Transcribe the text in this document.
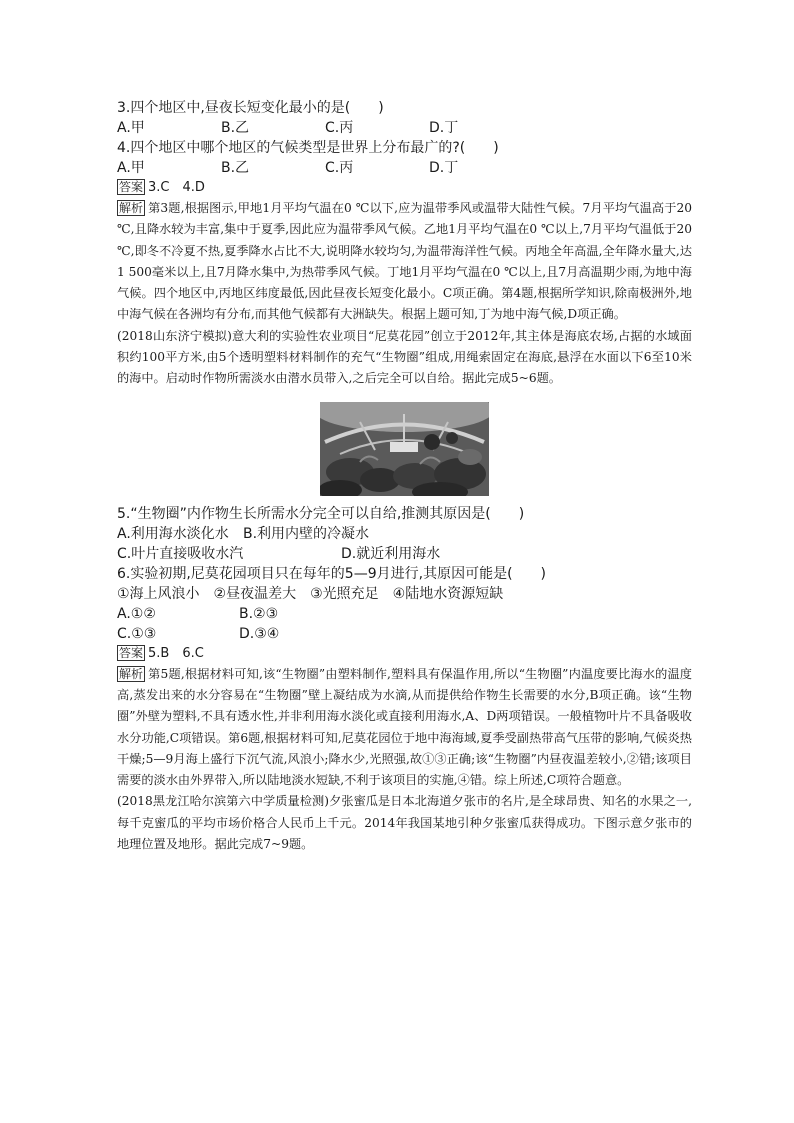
3.四个地区中,昼夜长短变化最小的是(　　)
A.甲	B.乙	C.丙	D.丁
4.四个地区中哪个地区的气候类型是世界上分布最广的?(　　)
A.甲	B.乙	C.丙	D.丁
答案 3.C　4.D
解析 第3题,根据图示,甲地1月平均气温在0 ℃以下,应为温带季风或温带大陆性气候。7月平均气温高于20 ℃,且降水较为丰富,集中于夏季,因此应为温带季风气候。乙地1月平均气温在0 ℃以上,7月平均气温低于20 ℃,即冬不冷夏不热,夏季降水占比不大,说明降水较均匀,为温带海洋性气候。丙地全年高温,全年降水量大,达1 500毫米以上,且7月降水集中,为热带季风气候。丁地1月平均气温在0 ℃以上,且7月高温期少雨,为地中海气候。四个地区中,丙地区纬度最低,因此昼夜长短变化最小。C项正确。第4题,根据所学知识,除南极洲外,地中海气候在各洲均有分布,而其他气候都有大洲缺失。根据上题可知,丁为地中海气候,D项正确。
(2018山东济宁模拟)意大利的实验性农业项目“尼莫花园”创立于2012年,其主体是海底农场,占据的水域面积约100平方米,由5个透明塑料材料制作的充气“生物圈”组成,用绳索固定在海底,悬浮在水面以下6至10米的海中。启动时作物所需淡水由潜水员带入,之后完全可以自给。据此完成5~6题。
5.“生物圈”内作物生长所需水分完全可以自给,推测其原因是(　　)
A.利用海水淡化水	B.利用内壁的冷凝水
C.叶片直接吸收水汽	D.就近利用海水
6.实验初期,尼莫花园项目只在每年的5—9月进行,其原因可能是(　　)
①海上风浪小　②昼夜温差大　③光照充足　④陆地水资源短缺
A.①②	B.②③
C.①③	D.③④
答案 5.B　6.C
解析 第5题,根据材料可知,该“生物圈”由塑料制作,塑料具有保温作用,所以“生物圈”内温度要比海水的温度高,蒸发出来的水分容易在“生物圈”壁上凝结成为水滴,从而提供给作物生长需要的水分,B项正确。该“生物圈”外壁为塑料,不具有透水性,并非利用海水淡化或直接利用海水,A、D两项错误。一般植物叶片不具备吸收水分功能,C项错误。第6题,根据材料可知,尼莫花园位于地中海海域,夏季受副热带高气压带的影响,气候炎热干燥;5—9月海上盛行下沉气流,风浪小;降水少,光照强,故①③正确;该“生物圈”内昼夜温差较小,②错;该项目需要的淡水由外界带入,所以陆地淡水短缺,不利于该项目的实施,④错。综上所述,C项符合题意。
(2018黑龙江哈尔滨第六中学质量检测)夕张蜜瓜是日本北海道夕张市的名片,是全球昂贵、知名的水果之一,每千克蜜瓜的平均市场价格合人民币上千元。2014年我国某地引种夕张蜜瓜获得成功。下图示意夕张市的地理位置及地形。据此完成7~9题。
